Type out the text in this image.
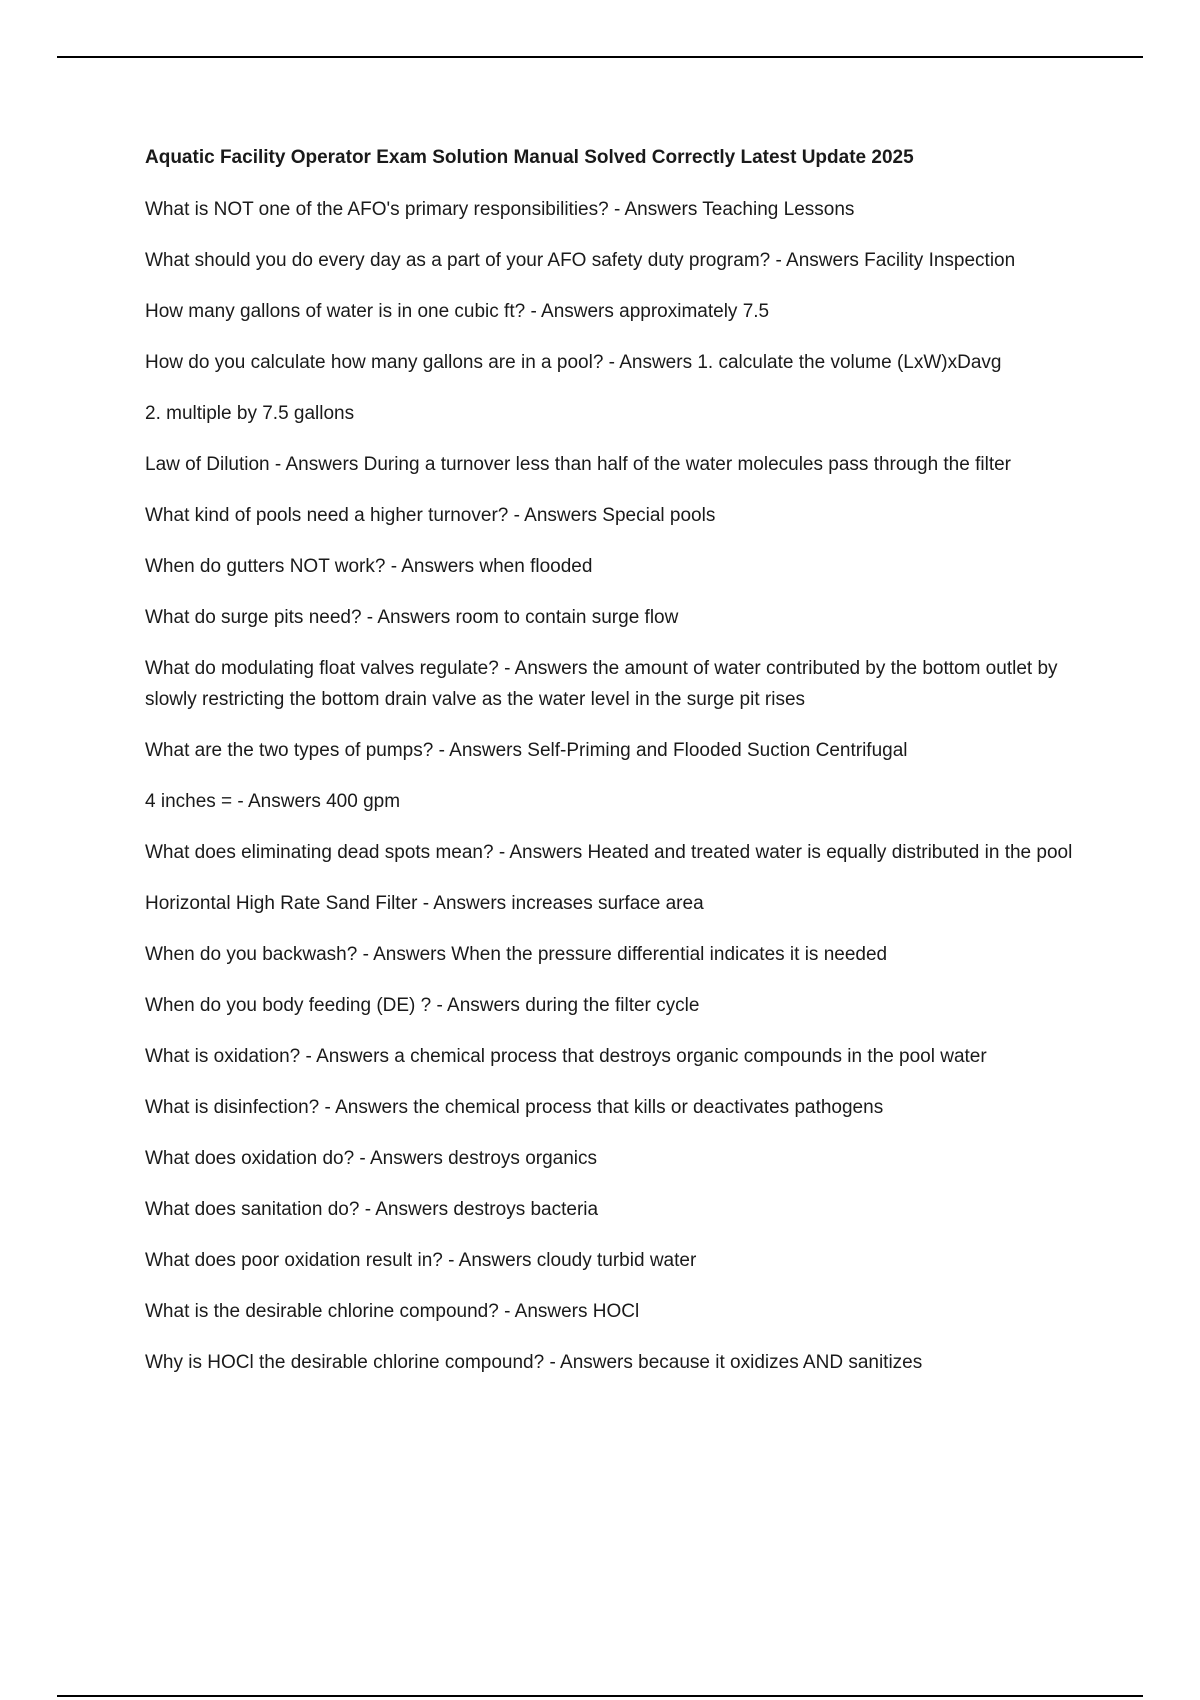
Aquatic Facility Operator Exam Solution Manual Solved Correctly Latest Update 2025

What is NOT one of the AFO's primary responsibilities? - Answers Teaching Lessons

What should you do every day as a part of your AFO safety duty program? - Answers Facility Inspection

How many gallons of water is in one cubic ft? - Answers approximately 7.5

How do you calculate how many gallons are in a pool? - Answers 1. calculate the volume (LxW)xDavg

2. multiple by 7.5 gallons

Law of Dilution - Answers During a turnover less than half of the water molecules pass through the filter

What kind of pools need a higher turnover? - Answers Special pools

When do gutters NOT work? - Answers when flooded

What do surge pits need? - Answers room to contain surge flow

What do modulating float valves regulate? - Answers the amount of water contributed by the bottom outlet by slowly restricting the bottom drain valve as the water level in the surge pit rises

What are the two types of pumps? - Answers Self-Priming and Flooded Suction Centrifugal

4 inches = - Answers 400 gpm

What does eliminating dead spots mean? - Answers Heated and treated water is equally distributed in the pool

Horizontal High Rate Sand Filter - Answers increases surface area

When do you backwash? - Answers When the pressure differential indicates it is needed

When do you body feeding (DE) ? - Answers during the filter cycle

What is oxidation? - Answers a chemical process that destroys organic compounds in the pool water

What is disinfection? - Answers the chemical process that kills or deactivates pathogens

What does oxidation do? - Answers destroys organics

What does sanitation do? - Answers destroys bacteria

What does poor oxidation result in? - Answers cloudy turbid water

What is the desirable chlorine compound? - Answers HOCl

Why is HOCl the desirable chlorine compound? - Answers because it oxidizes AND sanitizes
